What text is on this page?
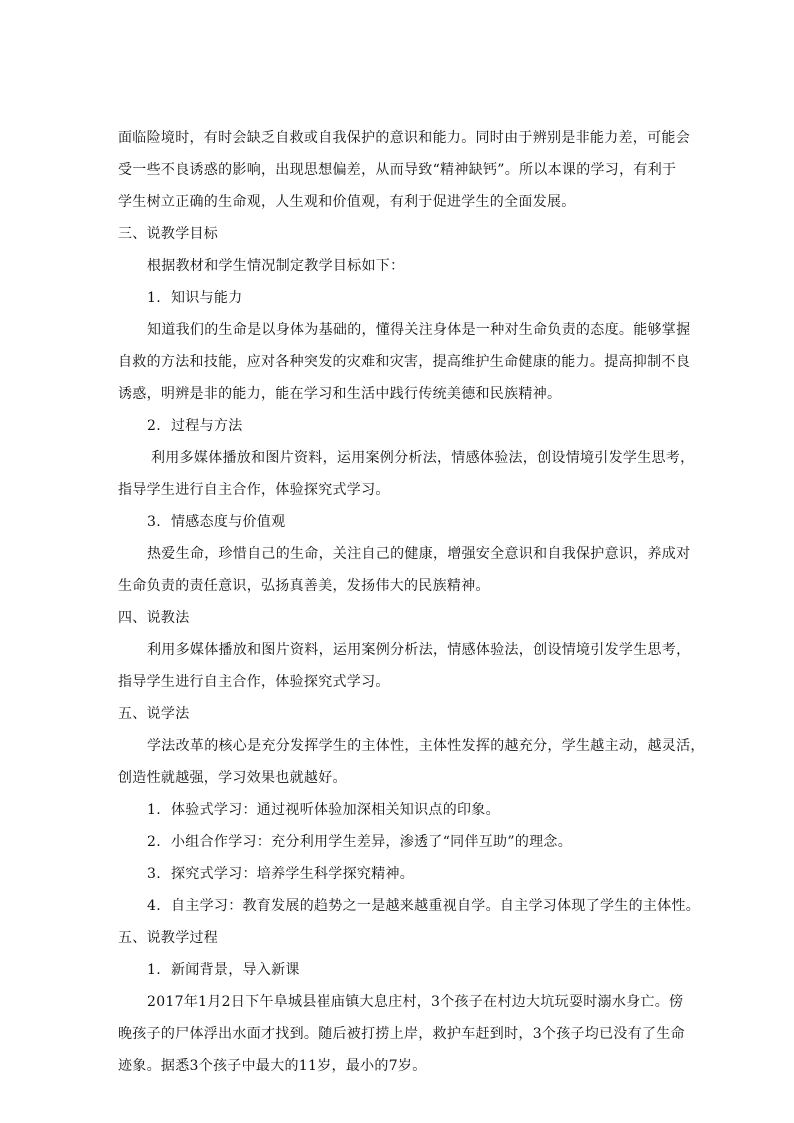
面临险境时，有时会缺乏自救或自我保护的意识和能力。同时由于辨别是非能力差，可能会
受一些不良诱惑的影响，出现思想偏差，从而导致“精神缺钙”。所以本课的学习，有利于
学生树立正确的生命观，人生观和价值观，有利于促进学生的全面发展。
三、说教学目标
根据教材和学生情况制定教学目标如下：
1. 知识与能力
知道我们的生命是以身体为基础的，懂得关注身体是一种对生命负责的态度。能够掌握
自救的方法和技能，应对各种突发的灾难和灾害，提高维护生命健康的能力。提高抑制不良
诱惑，明辨是非的能力，能在学习和生活中践行传统美德和民族精神。
2. 过程与方法
利用多媒体播放和图片资料，运用案例分析法，情感体验法，创设情境引发学生思考，
指导学生进行自主合作，体验探究式学习。
3. 情感态度与价值观
热爱生命，珍惜自己的生命，关注自己的健康，增强安全意识和自我保护意识，养成对
生命负责的责任意识，弘扬真善美，发扬伟大的民族精神。
四、说教法
利用多媒体播放和图片资料，运用案例分析法，情感体验法，创设情境引发学生思考，
指导学生进行自主合作，体验探究式学习。
五、说学法
学法改革的核心是充分发挥学生的主体性，主体性发挥的越充分，学生越主动，越灵活，
创造性就越强，学习效果也就越好。
1. 体验式学习：通过视听体验加深相关知识点的印象。
2. 小组合作学习：充分利用学生差异，渗透了“同伴互助”的理念。
3. 探究式学习：培养学生科学探究精神。
4. 自主学习：教育发展的趋势之一是越来越重视自学。自主学习体现了学生的主体性。
五、说教学过程
1. 新闻背景，导入新课
2017年1月2日下午阜城县崔庙镇大息庄村，3个孩子在村边大坑玩耍时溺水身亡。傍
晚孩子的尸体浮出水面才找到。随后被打捞上岸，救护车赶到时，3个孩子均已没有了生命
迹象。据悉3个孩子中最大的11岁，最小的7岁。
